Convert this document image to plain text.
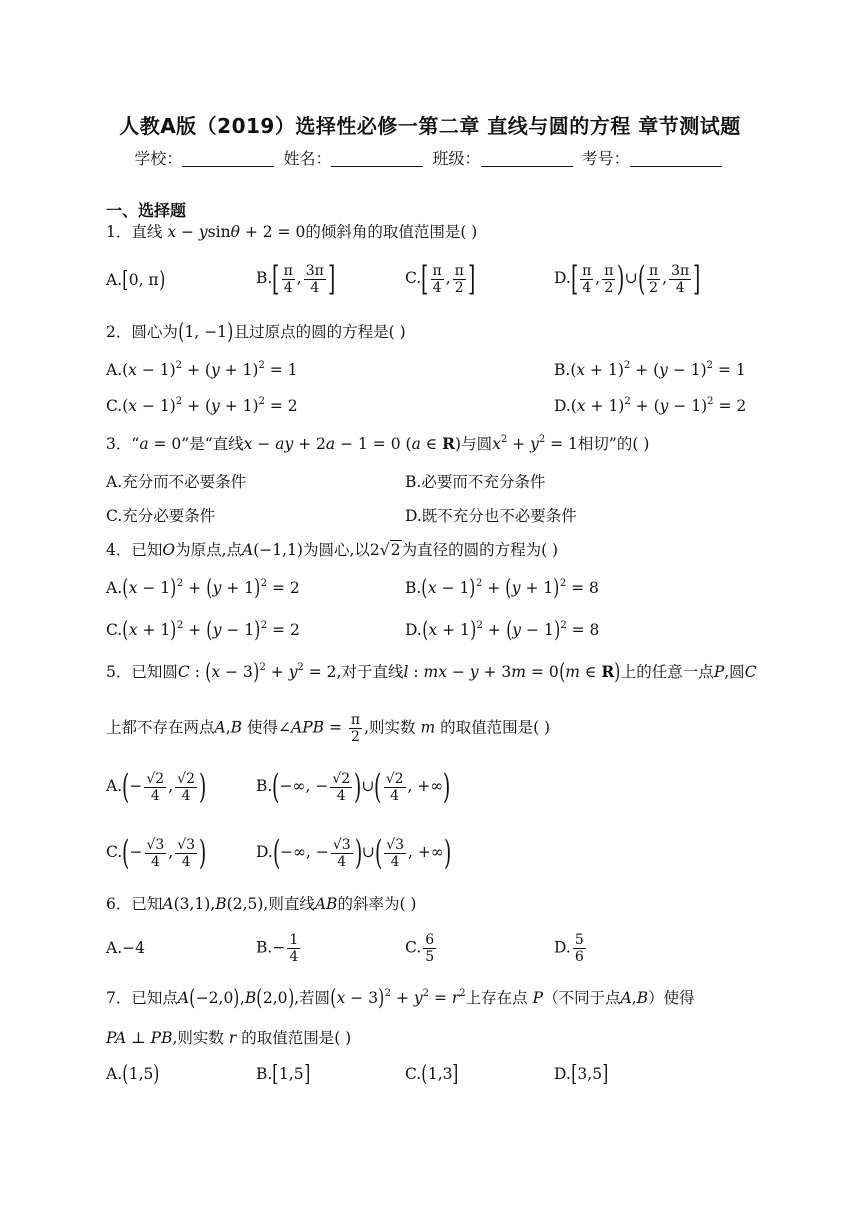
人教A版（2019）选择性必修一第二章 直线与圆的方程 章节测试题
学校：	姓名：	班级：	考号：
一、选择题
1．直线 x − ysinθ + 2 = 0的倾斜角的取值范围是( )
A.[0, π)	$B.[ \frac{\pi}{4}$ , $\frac{3\pi}{4}$ ]	$C.[ \frac{\pi}{4}$ , $\frac{\pi}{2}$ ]	$D.[ \frac{\pi}{4}$ , $\frac{\pi}{2}$ )∪( $\frac{\pi}{2}$ , $\frac{3\pi}{4}$ ]
2．圆心为(1, −1)且过原点的圆的方程是( )
$A.(x - 1)^2 + (y + 1)^2 = 1$	$B.(x + 1)^2 + (y - 1)^2 = 1$
$C.(x - 1)^2 + (y + 1)^2 = 2$	$D.(x + 1)^2 + (y - 1)^2 = 2$
3．“a = 0”是“直线x − ay + 2a − 1 = 0 (a ∈ R)与圆$x^2 + y^2 = 1$相切”的( )
A.充分而不必要条件	B.必要而不充分条件
C.充分必要条件	D.既不充分也不必要条件
4．已知O为原点,点A(−1,1)为圆心,以2√2为直径的圆的方程为( )
$A.(x - 1)^2 + (y + 1)^2 = 2$	$B.(x - 1)^2 + (y + 1)^2 = 8$
$C.(x + 1)^2 + (y - 1)^2 = 2$	$D.(x + 1)^2 + (y - 1)^2 = 8$
5．已知圆C : $(x - 3)^2 + y^2 = 2$,对于直线l : mx − y + 3m = 0(m ∈ R)上的任意一点P,圆C
上都不存在两点A,B 使得∠APB = $\frac{\pi}{2}$ ,则实数 m 的取值范围是( )
$A.(- \frac{√2}{4}$ , $\frac{√2}{4}$ )	B.(−∞, − $\frac{√2}{4}$ )∪( $\frac{√2}{4}$ , +∞)
$C.(- \frac{√3}{4}$ , $\frac{√3}{4}$ )	D.(−∞, − $\frac{√3}{4}$ )∪( $\frac{√3}{4}$ , +∞)
6．已知A(3,1),B(2,5),则直线AB的斜率为( )
A.−4	$B.- \frac{1}{4}$	C. $\frac{6}{5}$	D. $\frac{5}{6}$
7．已知点A(−2,0),B(2,0),若圆$(x - 3)^2 + y^2 = r^2$上存在点 P（不同于点A,B）使得
PA ⊥ PB,则实数 r 的取值范围是( )
A.(1,5)	B.[1,5]	C.(1,3]	D.[3,5]
